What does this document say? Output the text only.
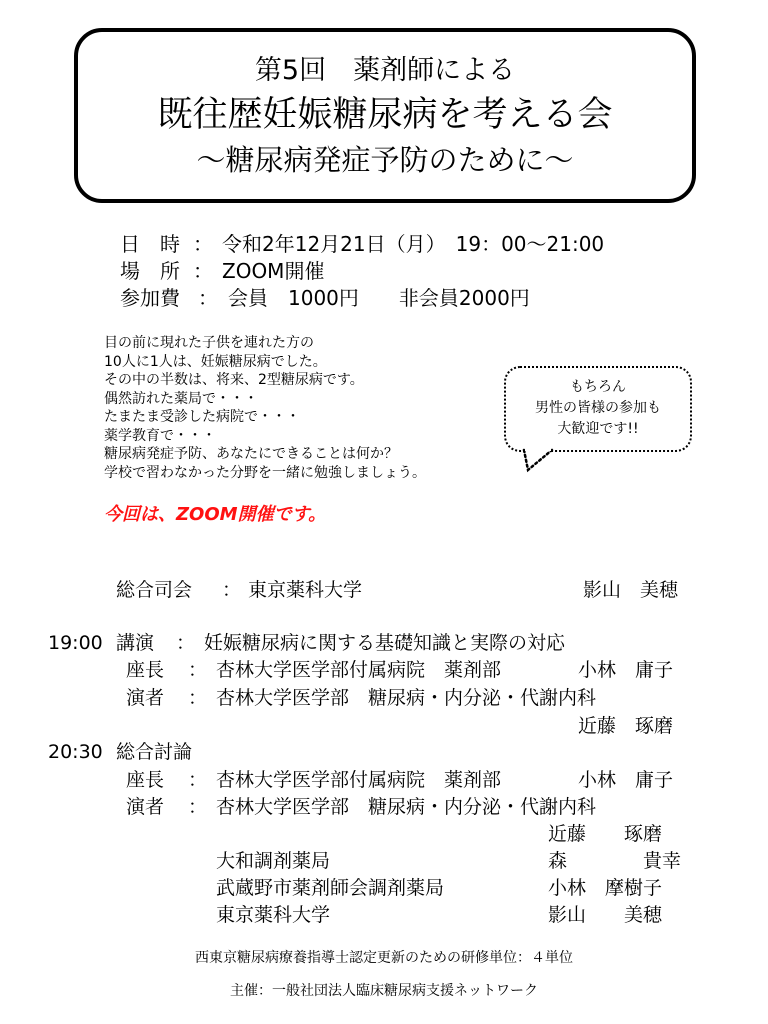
第5回　薬剤師による
既往歴妊娠糖尿病を考える会
～糖尿病発症予防のために～
日　時 ： 令和2年12月21日（月）　19：00～21:00
場　所 ： ZOOM開催
参加費 ： 会員　1000円　　非会員2000円
目の前に現れた子供を連れた方の
10人に1人は、妊娠糖尿病でした。
その中の半数は、将来、2型糖尿病です。
偶然訪れた薬局で・・・
たまたま受診した病院で・・・
薬学教育で・・・
糖尿病発症予防、あなたにできることは何か？
学校で習わなかった分野を一緒に勉強しましょう。
今回は、ZOOM開催です。
もちろん
男性の皆様の参加も
大歓迎です!!
総合司会 ： 東京薬科大学	影山　美穂
19:00 講演 ： 妊娠糖尿病に関する基礎知識と実際の対応
座長 ： 杏林大学医学部付属病院　薬剤部	小林　庸子
演者 ： 杏林大学医学部　糖尿病・内分泌・代謝内科
近藤　琢磨
20:30 総合討論
座長 ： 杏林大学医学部付属病院　薬剤部	小林　庸子
演者 ： 杏林大学医学部　糖尿病・内分泌・代謝内科
近藤　　琢磨
大和調剤薬局	森　　　　貴幸
武蔵野市薬剤師会調剤薬局	小林　摩樹子
東京薬科大学	影山　　美穂
西東京糖尿病療養指導士認定更新のための研修単位：４単位
主催：一般社団法人臨床糖尿病支援ネットワーク
